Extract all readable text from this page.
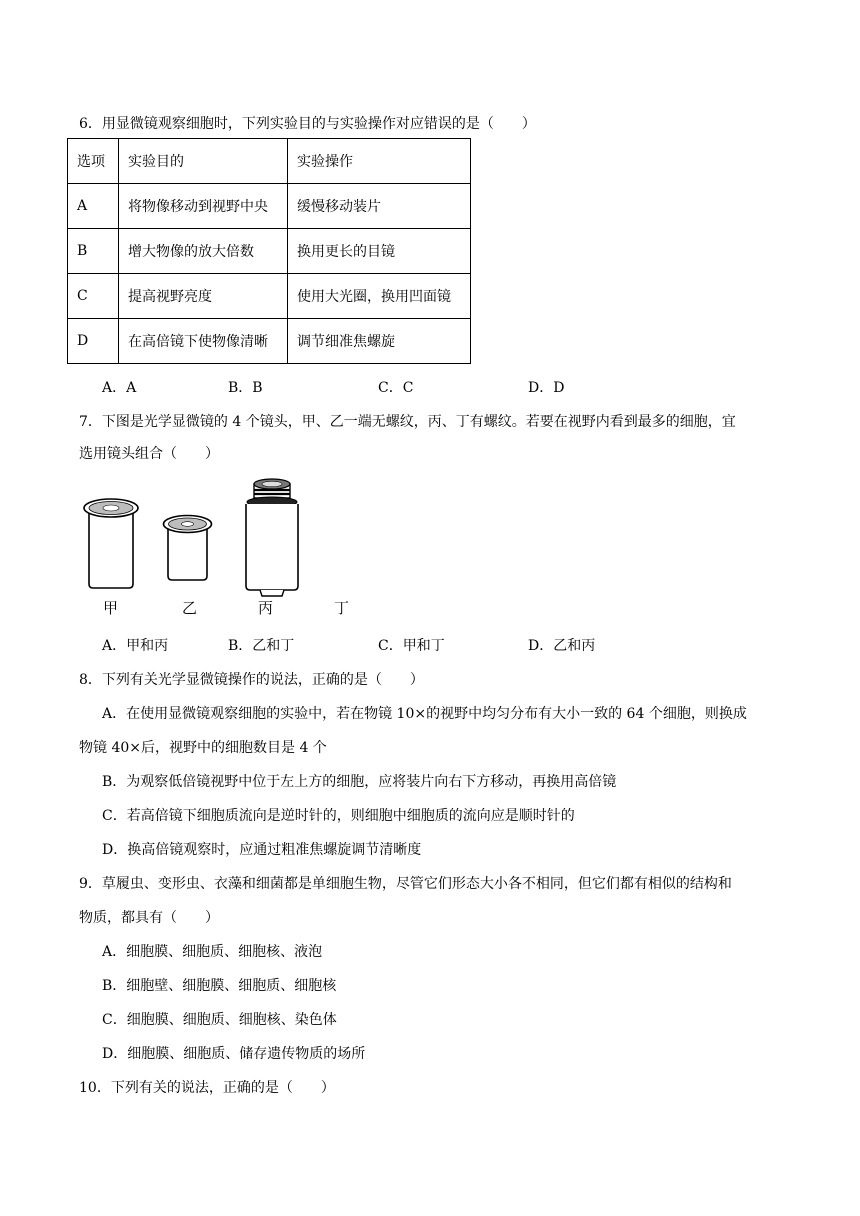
6．用显微镜观察细胞时，下列实验目的与实验操作对应错误的是（　　）
选项	实验目的	实验操作
A	将物像移动到视野中央	缓慢移动装片
B	增大物像的放大倍数	换用更长的目镜
C	提高视野亮度	使用大光圈，换用凹面镜
D	在高倍镜下使物像清晰	调节细准焦螺旋
A．A	B．B	C．C	D．D
7．下图是光学显微镜的 4 个镜头，甲、乙一端无螺纹，丙、丁有螺纹。若要在视野内看到最多的细胞，宜
选用镜头组合（　　）
甲	乙	丙	丁
A．甲和丙	B．乙和丁	C．甲和丁	D．乙和丙
8．下列有关光学显微镜操作的说法，正确的是（　　）
A．在使用显微镜观察细胞的实验中，若在物镜 10×的视野中均匀分布有大小一致的 64 个细胞，则换成
物镜 40×后，视野中的细胞数目是 4 个
B．为观察低倍镜视野中位于左上方的细胞，应将装片向右下方移动，再换用高倍镜
C．若高倍镜下细胞质流向是逆时针的，则细胞中细胞质的流向应是顺时针的
D．换高倍镜观察时，应通过粗准焦螺旋调节清晰度
9．草履虫、变形虫、衣藻和细菌都是单细胞生物，尽管它们形态大小各不相同，但它们都有相似的结构和
物质，都具有（　　）
A．细胞膜、细胞质、细胞核、液泡
B．细胞壁、细胞膜、细胞质、细胞核
C．细胞膜、细胞质、细胞核、染色体
D．细胞膜、细胞质、储存遗传物质的场所
10．下列有关的说法，正确的是（　　）
